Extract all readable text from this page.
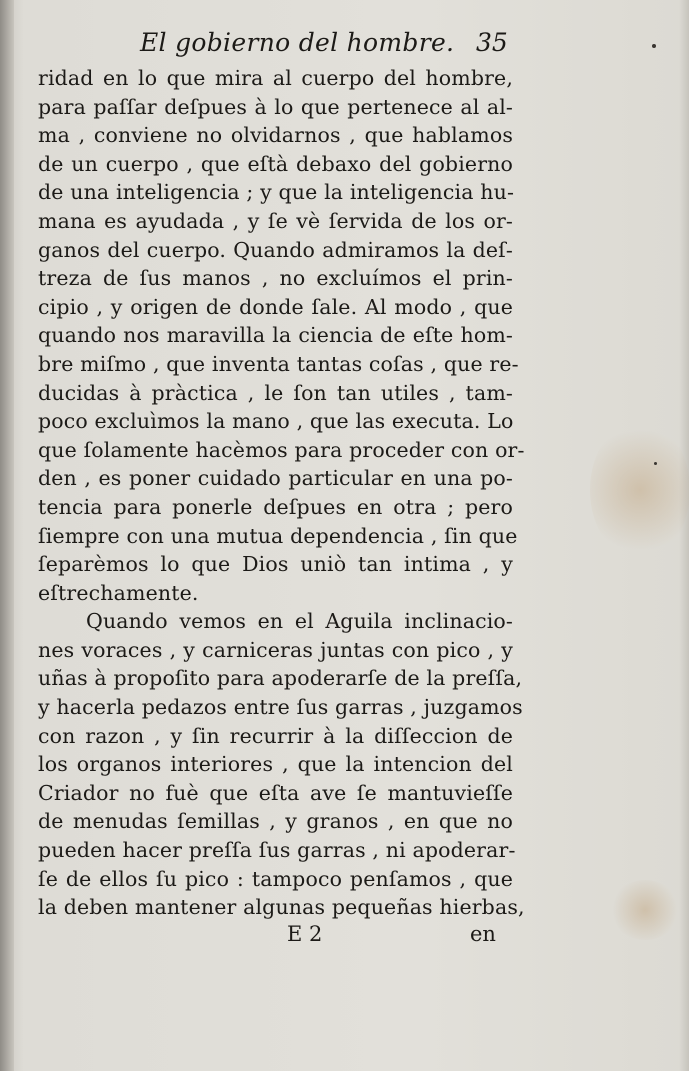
El gobierno del hombre. 35
ridad en lo que mira al cuerpo del hombre,
para paſſar deſpues à lo que pertenece al al-
ma , conviene no olvidarnos , que hablamos
de un cuerpo , que eſtà debaxo del gobierno
de una inteligencia ; y que la inteligencia hu-
mana es ayudada , y ſe vè ſervida de los or-
ganos del cuerpo. Quando admiramos la deſ-
treza de ſus manos , no excluímos el prin-
cipio , y origen de donde ſale. Al modo , que
quando nos maravilla la ciencia de eſte hom-
bre miſmo , que inventa tantas coſas , que re-
ducidas à pràctica , le ſon tan utiles , tam-
poco excluìmos la mano , que las executa. Lo
que ſolamente hacèmos para proceder con or-
den , es poner cuidado particular en una po-
tencia para ponerle deſpues en otra ; pero
ſiempre con una mutua dependencia , ſin que
ſeparèmos lo que Dios uniò tan intima , y
eſtrechamente.
Quando vemos en el Aguila inclinacio-
nes voraces , y carniceras juntas con pico , y
uñas à propoſito para apoderarſe de la preſſa,
y hacerla pedazos entre ſus garras , juzgamos
con razon , y ſin recurrir à la diſſeccion de
los organos interiores , que la intencion del
Criador no fuè que eſta ave ſe mantuvieſſe
de menudas ſemillas , y granos , en que no
pueden hacer preſſa ſus garras , ni apoderar-
ſe de ellos ſu pico : tampoco penſamos , que
la deben mantener algunas pequeñas hierbas,
E 2	en
